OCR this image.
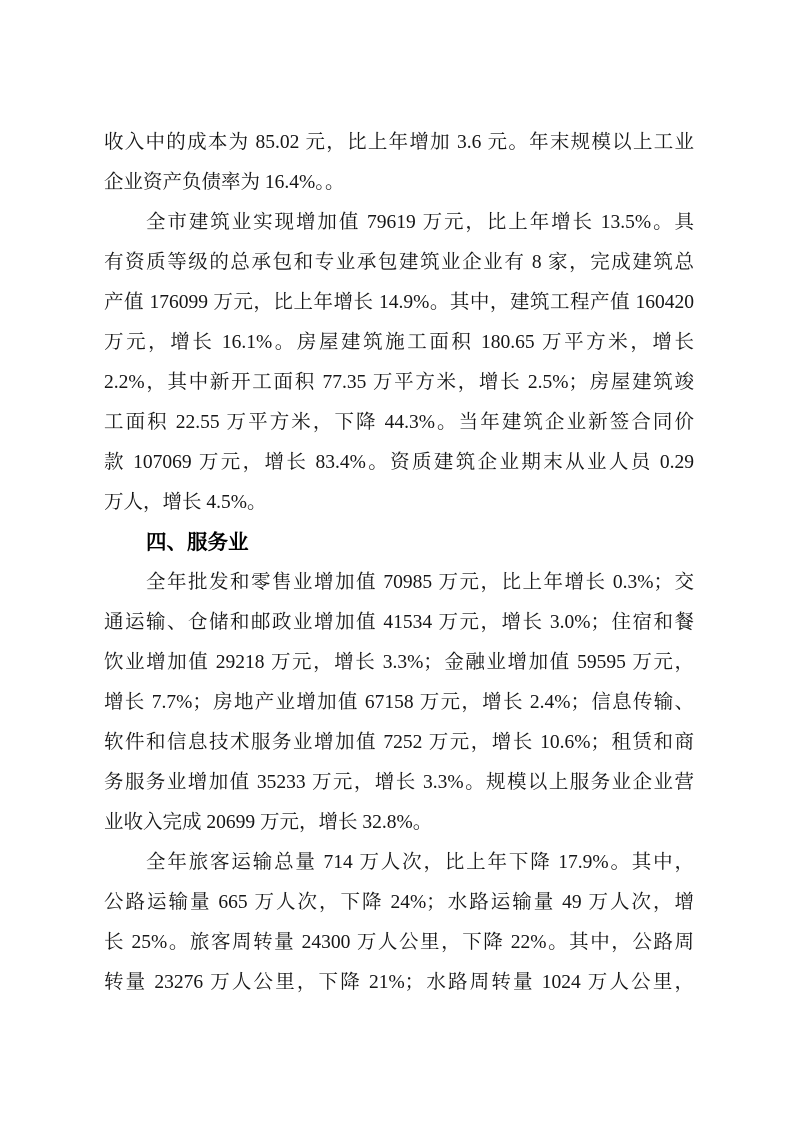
收入中的成本为 85.02 元，比上年增加 3.6 元。年末规模以上工业
企业资产负债率为 16.4%。。
全市建筑业实现增加值 79619 万元，比上年增长 13.5%。具
有资质等级的总承包和专业承包建筑业企业有 8 家，完成建筑总
产值 176099 万元，比上年增长 14.9%。其中，建筑工程产值 160420
万元，增长 16.1%。房屋建筑施工面积 180.65 万平方米，增长
2.2%，其中新开工面积 77.35 万平方米，增长 2.5%；房屋建筑竣
工面积 22.55 万平方米，下降 44.3%。当年建筑企业新签合同价
款 107069 万元，增长 83.4%。资质建筑企业期末从业人员 0.29
万人，增长 4.5%。
四、服务业
全年批发和零售业增加值 70985 万元，比上年增长 0.3%；交
通运输、仓储和邮政业增加值 41534 万元，增长 3.0%；住宿和餐
饮业增加值 29218 万元，增长 3.3%；金融业增加值 59595 万元，
增长 7.7%；房地产业增加值 67158 万元，增长 2.4%；信息传输、
软件和信息技术服务业增加值 7252 万元，增长 10.6%；租赁和商
务服务业增加值 35233 万元，增长 3.3%。规模以上服务业企业营
业收入完成 20699 万元，增长 32.8%。
全年旅客运输总量 714 万人次，比上年下降 17.9%。其中，
公路运输量 665 万人次，下降 24%；水路运输量 49 万人次，增
长 25%。旅客周转量 24300 万人公里，下降 22%。其中，公路周
转量 23276 万人公里，下降 21%；水路周转量 1024 万人公里，
